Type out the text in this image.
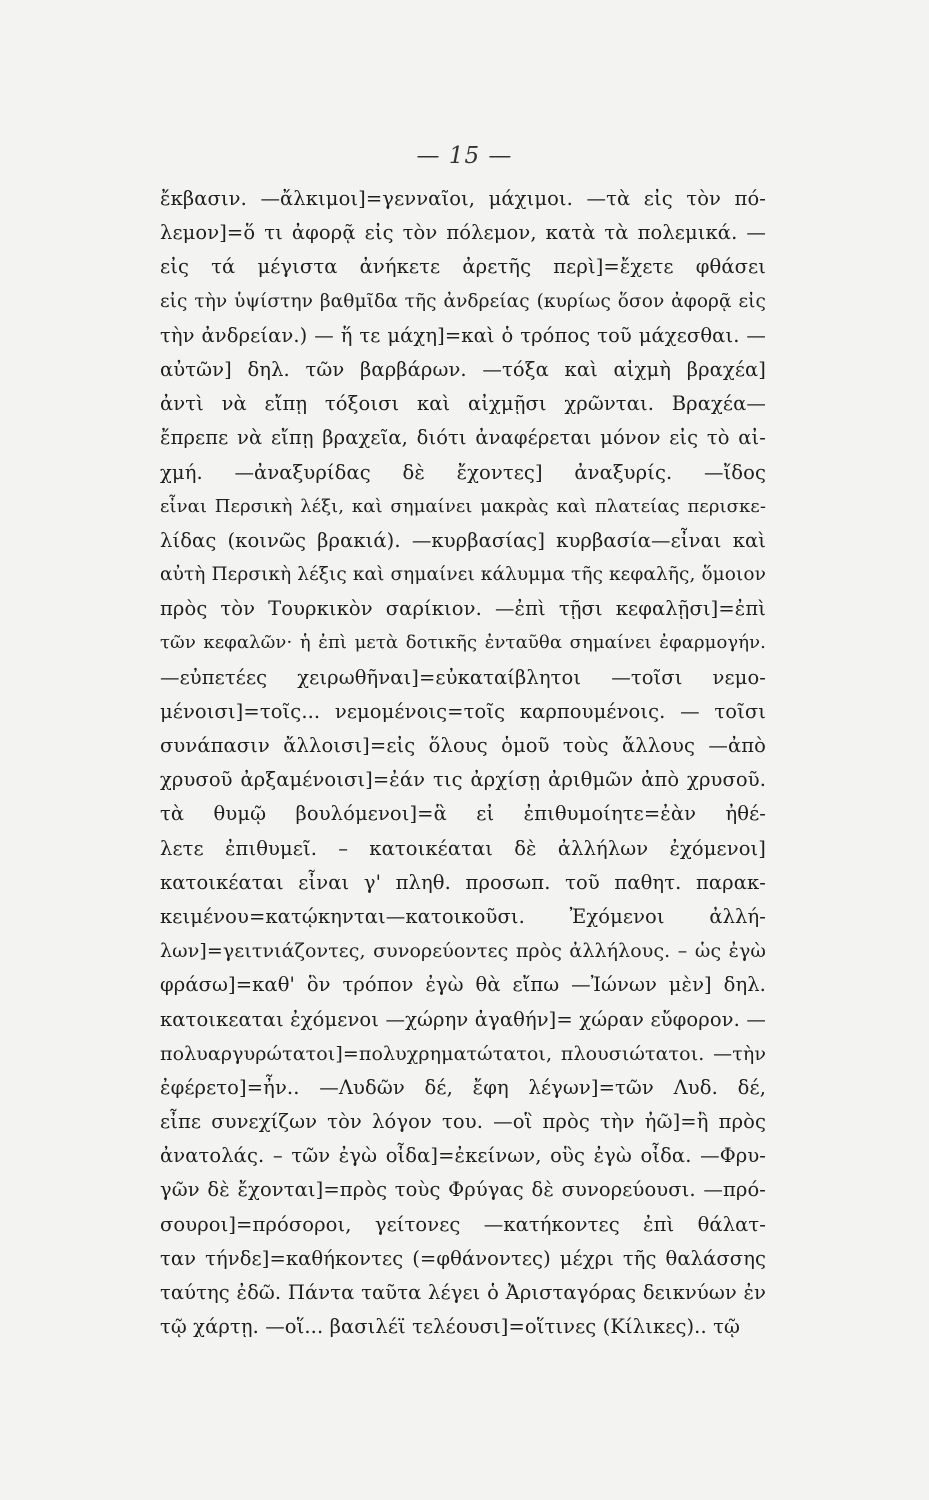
— 15 —
ἔκβασιν. —ἄλκιμοι]=γενναῖοι, μάχιμοι. —τὰ εἰς τὸν πό-
λεμον]=ὅ τι ἀφορᾷ εἰς τὸν πόλεμον, κατὰ τὰ πολεμικά. —
εἰς τά μέγιστα ἀνήκετε ἀρετῆς περὶ]=ἔχετε φθάσει
εἰς τὴν ὑψίστην βαθμῖδα τῆς ἀνδρείας (κυρίως ὅσον ἀφορᾷ εἰς
τὴν ἀνδρείαν.) — ἥ τε μάχη]=καὶ ὁ τρόπος τοῦ μάχεσθαι. —
αὐτῶν] δηλ. τῶν βαρβάρων. —τόξα καὶ αἰχμὴ βραχέα]
ἀντὶ νὰ εἴπῃ τόξοισι καὶ αἰχμῇσι χρῶνται. Βραχέα—
ἔπρεπε νὰ εἴπῃ βραχεῖα, διότι ἀναφέρεται μόνον εἰς τὸ αἰ-
χμή. —ἀναξυρίδας δὲ ἔχοντες] ἀναξυρίς. —ἴδος
εἶναι Περσικὴ λέξι, καὶ σημαίνει μακρὰς καὶ πλατείας περισκε-
λίδας (κοινῶς βρακιά). —κυρβασίας] κυρβασία—εἶναι καὶ
αὐτὴ Περσικὴ λέξις καὶ σημαίνει κάλυμμα τῆς κεφαλῆς, ὅμοιον
πρὸς τὸν Τουρκικὸν σαρίκιον. —ἐπὶ τῇσι κεφαλῇσι]=ἐπὶ
τῶν κεφαλῶν· ἡ ἐπὶ μετὰ δοτικῆς ἐνταῦθα σημαίνει ἐφαρμογήν.
—εὐπετέες χειρωθῆναι]=εὐκαταίβλητοι —τοῖσι νεμο-
μένοισι]=τοῖς... νεμομένοις=τοῖς καρπουμένοις. — τοῖσι
συνάπασιν ἄλλοισι]=εἰς ὅλους ὁμοῦ τοὺς ἄλλους —ἀπὸ
χρυσοῦ ἀρξαμένοισι]=ἐάν τις ἀρχίσῃ ἀριθμῶν ἀπὸ χρυσοῦ.
τὰ θυμῷ βουλόμενοι]=ἃ εἰ ἐπιθυμοίητε=ἐὰν ἠθέ-
λετε ἐπιθυμεῖ. – κατοικέαται δὲ ἀλλήλων ἐχόμενοι]
κατοικέαται εἶναι γ' πληθ. προσωπ. τοῦ παθητ. παρακ-
κειμένου=κατῴκηνται—κατοικοῦσι. Ἐχόμενοι ἀλλή-
λων]=γειτνιάζοντες, συνορεύοντες πρὸς ἀλλήλους. – ὡς ἐγὼ
φράσω]=καθ' ὃν τρόπον ἐγὼ θὰ εἴπω —Ἰώνων μὲν] δηλ.
κατοικεαται ἐχόμενοι —χώρην ἀγαθήν]= χώραν εὔφορον. —
πολυαργυρώτατοι]=πολυχρηματώτατοι, πλουσιώτατοι. —τὴν
ἐφέρετο]=ἦν.. —Λυδῶν δέ, ἔφη λέγων]=τῶν Λυδ. δέ,
εἶπε συνεχίζων τὸν λόγον του. —οἳ πρὸς τὴν ἠῶ]=ἢ πρὸς
ἀνατολάς. – τῶν ἐγὼ οἶδα]=ἐκείνων, οὓς ἐγὼ οἶδα. —Φρυ-
γῶν δὲ ἔχονται]=πρὸς τοὺς Φρύγας δὲ συνορεύουσι. —πρό-
σουροι]=πρόσοροι, γείτονες —κατήκοντες ἐπὶ θάλατ-
ταν τήνδε]=καθήκοντες (=φθάνοντες) μέχρι τῆς θαλάσσης
ταύτης ἐδῶ. Πάντα ταῦτα λέγει ὁ Ἀρισταγόρας δεικνύων ἐν
τῷ χάρτῃ. —οἵ... βασιλέϊ τελέουσι]=οἵτινες (Κίλικες).. τῷ
